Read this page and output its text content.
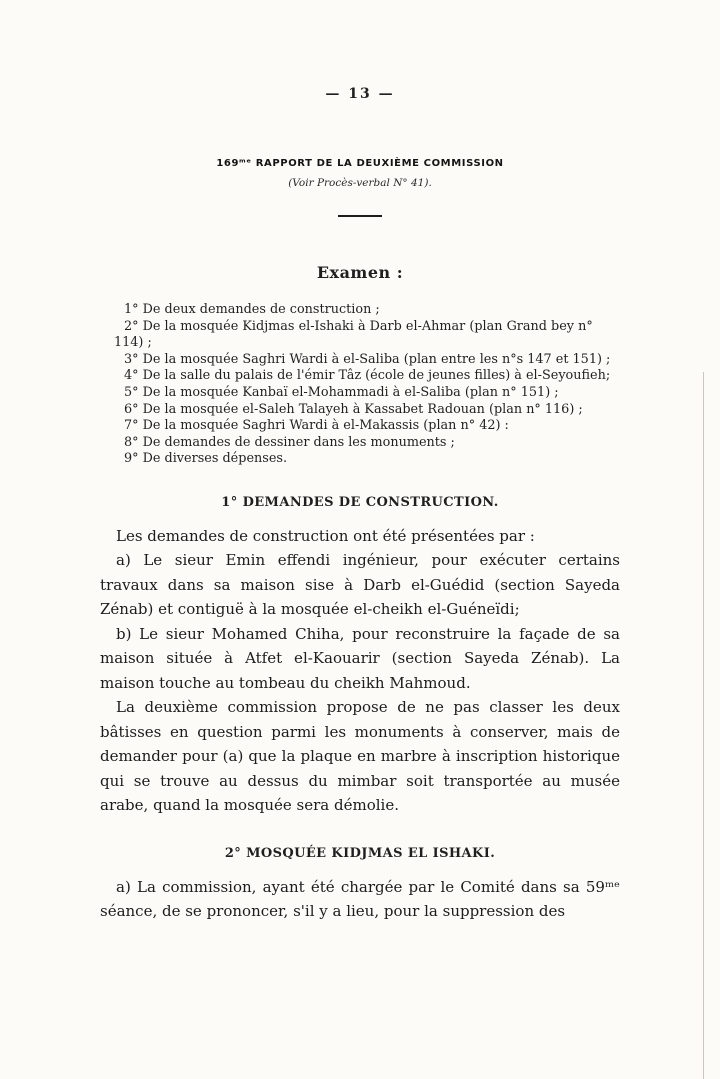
— 13 —
169ᵐᵉ RAPPORT DE LA DEUXIÈME COMMISSION
(Voir Procès-verbal N° 41).
Examen :
1° De deux demandes de construction ;
2° De la mosquée Kidjmas el-Ishaki à Darb el-Ahmar (plan Grand bey n° 114) ;
3° De la mosquée Saghri Wardi à el-Saliba (plan entre les n°s 147 et 151) ;
4° De la salle du palais de l'émir Tâz (école de jeunes filles) à el-Seyoufieh;
5° De la mosquée Kanbaï el-Mohammadi à el-Saliba (plan n° 151) ;
6° De la mosquée el-Saleh Talayeh à Kassabet Radouan (plan n° 116) ;
7° De la mosquée Saghri Wardi à el-Makassis (plan n° 42) :
8° De demandes de dessiner dans les monuments ;
9° De diverses dépenses.
1° DEMANDES DE CONSTRUCTION.

Les demandes de construction ont été présentées par :

a) Le sieur Emin effendi ingénieur, pour exécuter certains travaux dans sa maison sise à Darb el-Guédid (section Sayeda Zénab) et contiguë à la mosquée el-cheikh el-Guéneïdi;

b) Le sieur Mohamed Chiha, pour reconstruire la façade de sa maison située à Atfet el-Kaouarir (section Sayeda Zénab). La maison touche au tombeau du cheikh Mahmoud.

La deuxième commission propose de ne pas classer les deux bâtisses en question parmi les monuments à conserver, mais de demander pour (a) que la plaque en marbre à inscription historique qui se trouve au dessus du mimbar soit transportée au musée arabe, quand la mosquée sera démolie.

2° MOSQUÉE KIDJMAS EL ISHAKI.

a) La commission, ayant été chargée par le Comité dans sa 59ᵐᵉ séance, de se prononcer, s'il y a lieu, pour la suppression des
